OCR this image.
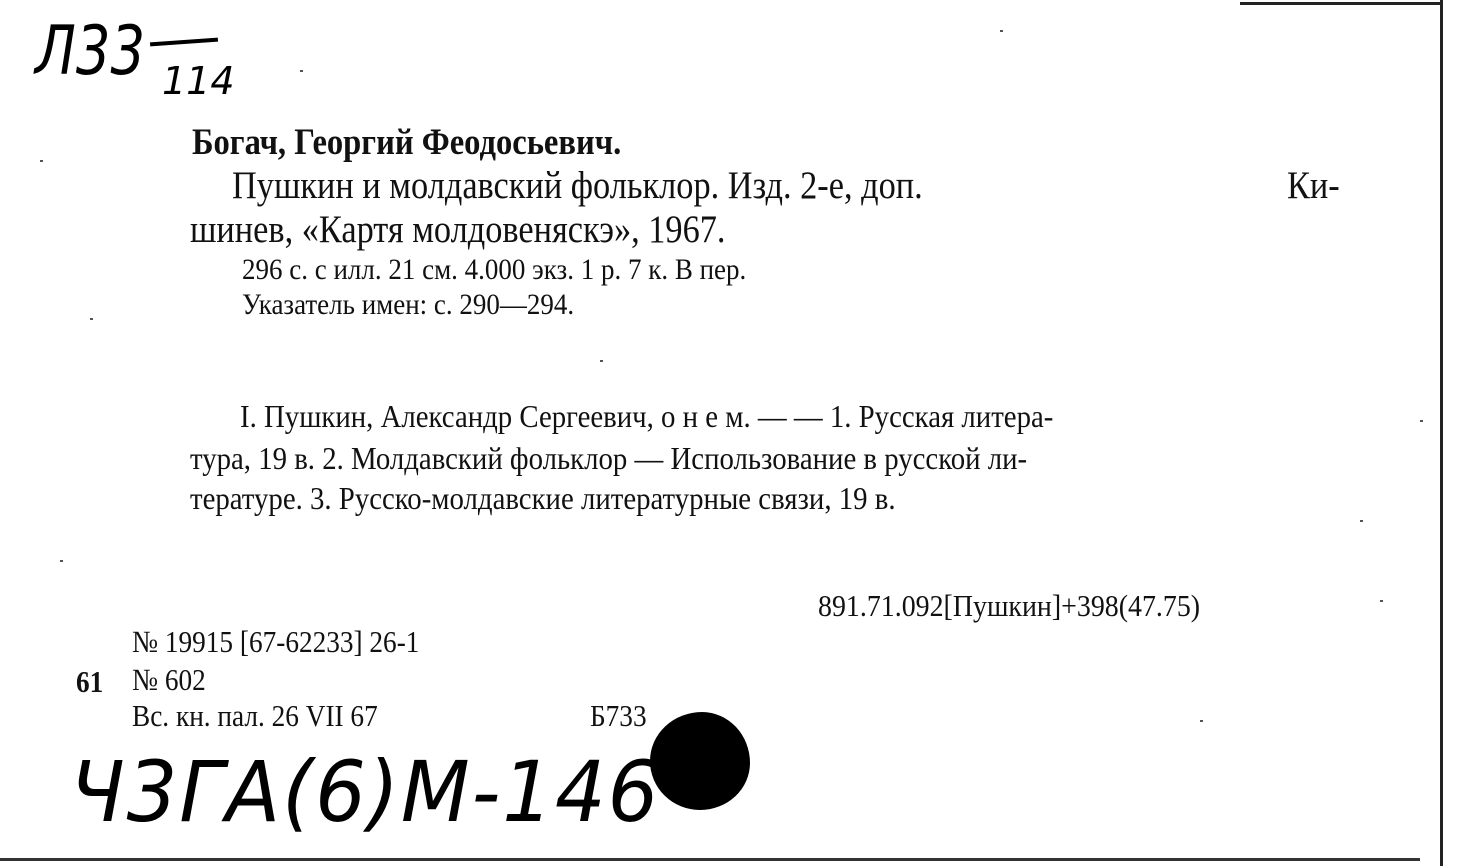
Л33 114
Богач, Георгий Феодосьевич.
Пушкин и молдавский фольклор. Изд. 2-е, доп.	Ки-
шинев, «Картя молдовеняскэ», 1967.
296 с. с илл. 21 см. 4.000 экз. 1 р. 7 к. В пер.
Указатель имен: с. 290—294.
I. Пушкин, Александр Сергеевич, о н е м. — — 1. Русская литера-
тура, 19 в. 2. Молдавский фольклор — Использование в русской ли-
тературе. 3. Русско-молдавские литературные связи, 19 в.
891.71.092[Пушкин]+398(47.75)
№ 19915 [67-62233] 26-1
61 № 602
Вс. кн. пал. 26 VII 67	Б733
Ч3ГА(6)М-146
